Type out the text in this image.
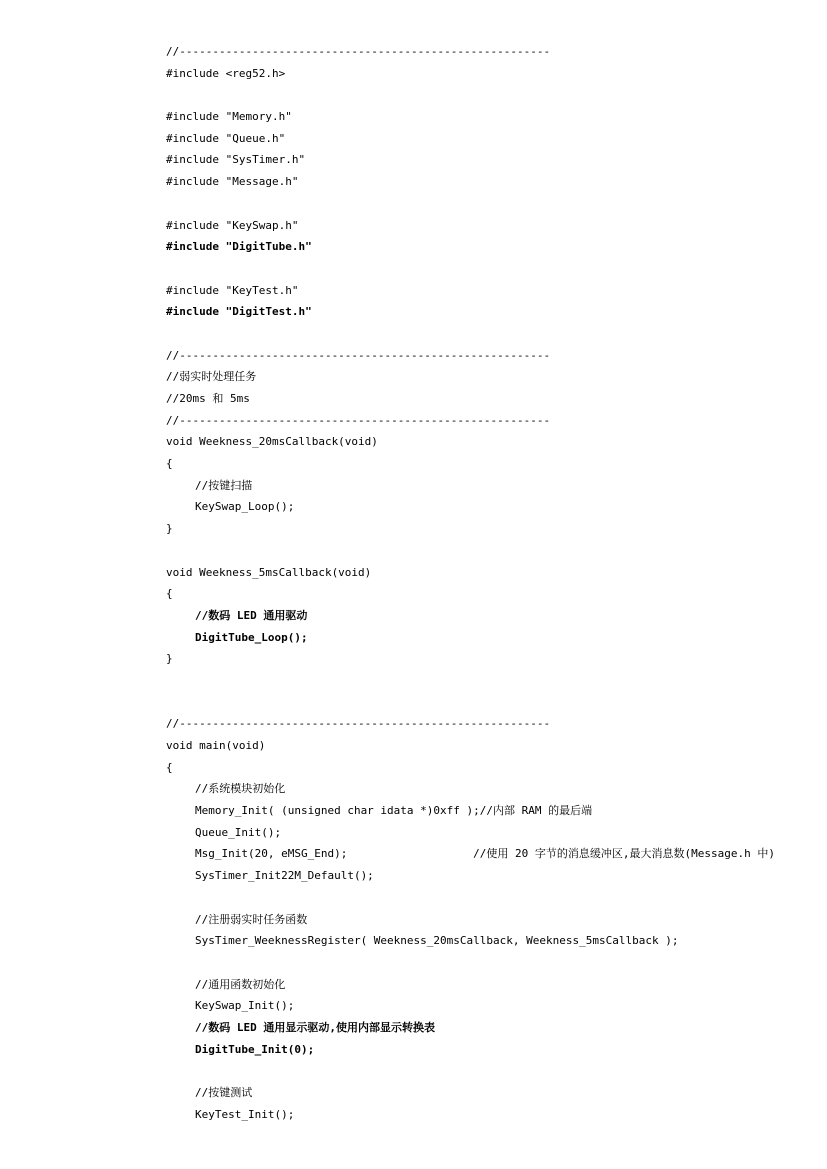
//--------------------------------------------------------
#include <reg52.h>
#include "Memory.h"
#include "Queue.h"
#include "SysTimer.h"
#include "Message.h"
#include "KeySwap.h"
#include "DigitTube.h"
#include "KeyTest.h"
#include "DigitTest.h"
//--------------------------------------------------------
//弱实时处理任务
//20ms 和 5ms
//--------------------------------------------------------
void Weekness_20msCallback(void)
{
//按键扫描
KeySwap_Loop();
}
void Weekness_5msCallback(void)
{
//数码 LED 通用驱动
DigitTube_Loop();
}
//--------------------------------------------------------
void main(void)
{
//系统模块初始化
Memory_Init( (unsigned char idata *)0xff );//内部 RAM 的最后端
Queue_Init();
Msg_Init(20, eMSG_End);                   //使用 20 字节的消息缓冲区,最大消息数(Message.h 中)
SysTimer_Init22M_Default();
//注册弱实时任务函数
SysTimer_WeeknessRegister( Weekness_20msCallback, Weekness_5msCallback );
//通用函数初始化
KeySwap_Init();
//数码 LED 通用显示驱动,使用内部显示转换表
DigitTube_Init(0);
//按键测试
KeyTest_Init();
